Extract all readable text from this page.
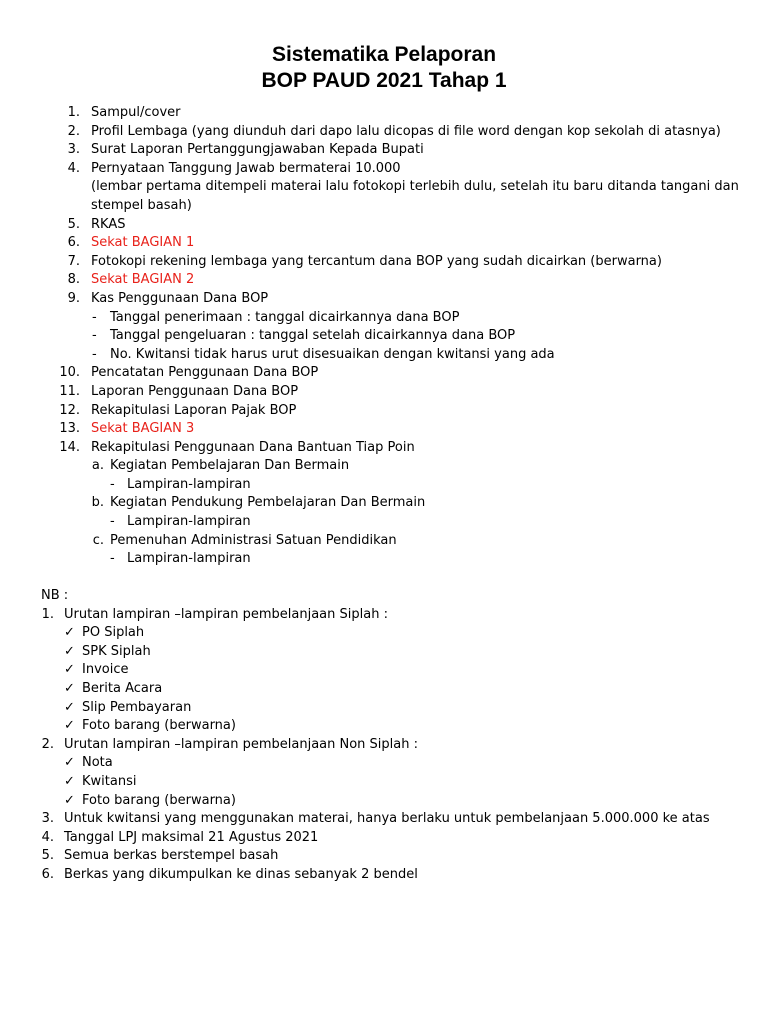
Sistematika Pelaporan
BOP PAUD 2021 Tahap 1
1. Sampul/cover
2. Profil Lembaga (yang diunduh dari dapo lalu dicopas di file word dengan kop sekolah di atasnya)
3. Surat Laporan Pertanggungjawaban Kepada Bupati
4. Pernyataan Tanggung Jawab bermaterai 10.000
(lembar pertama ditempeli materai lalu fotokopi terlebih dulu, setelah itu baru ditanda tangani dan
stempel basah)
5. RKAS
6. Sekat BAGIAN 1
7. Fotokopi rekening lembaga yang tercantum dana BOP yang sudah dicairkan (berwarna)
8. Sekat BAGIAN 2
9. Kas Penggunaan Dana BOP
- Tanggal penerimaan : tanggal dicairkannya dana BOP
- Tanggal pengeluaran : tanggal setelah dicairkannya dana BOP
- No. Kwitansi tidak harus urut disesuaikan dengan kwitansi yang ada
10. Pencatatan Penggunaan Dana BOP
11. Laporan Penggunaan Dana BOP
12. Rekapitulasi Laporan Pajak BOP
13. Sekat BAGIAN 3
14. Rekapitulasi Penggunaan Dana Bantuan Tiap Poin
a. Kegiatan Pembelajaran Dan Bermain
- Lampiran-lampiran
b. Kegiatan Pendukung Pembelajaran Dan Bermain
- Lampiran-lampiran
c. Pemenuhan Administrasi Satuan Pendidikan
- Lampiran-lampiran
NB :
1. Urutan lampiran –lampiran pembelanjaan Siplah :
✓ PO Siplah
✓ SPK Siplah
✓ Invoice
✓ Berita Acara
✓ Slip Pembayaran
✓ Foto barang (berwarna)
2. Urutan lampiran –lampiran pembelanjaan Non Siplah :
✓ Nota
✓ Kwitansi
✓ Foto barang (berwarna)
3. Untuk kwitansi yang menggunakan materai, hanya berlaku untuk pembelanjaan 5.000.000 ke atas
4. Tanggal LPJ maksimal 21 Agustus 2021
5. Semua berkas berstempel basah
6. Berkas yang dikumpulkan ke dinas sebanyak 2 bendel
